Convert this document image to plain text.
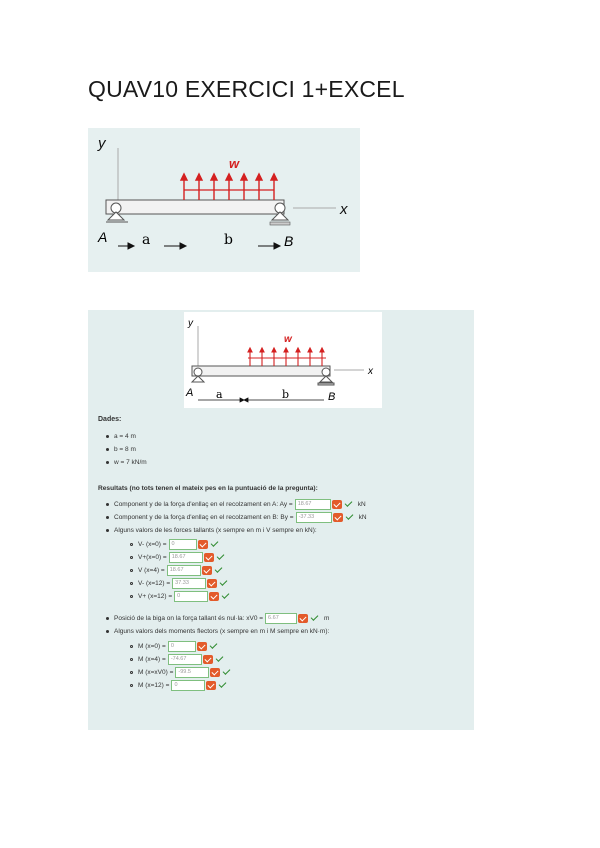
QUAV10 EXERCICI 1+EXCEL
y
x
w
A	B
a	b
y
x
w
A	B
a	b
Dades:
a = 4 m
b = 8 m
w = 7 kN/m
Resultats (no tots tenen el mateix pes en la puntuació de la pregunta):
Component y de la força d'enllaç en el recolzament en A: Ay = 18.67	kN
Component y de la força d'enllaç en el recolzament en B: By = -37.33	kN
Alguns valors de les forces tallants (x sempre en m i V sempre en kN):
V- (x=0) = 0
V+(x=0) = 18.67
V (x=4) = 18.67
V- (x=12) = 37.33
V+ (x=12) = 0
Posició de la biga on la força tallant és nul·la: xV0 = 6.67	m
Alguns valors dels moments flectors (x sempre en m i M sempre en kN·m):
M (x=0) = 0
M (x=4) = -74.67
M (x=xV0) = -99.5
M (x=12) = 0
